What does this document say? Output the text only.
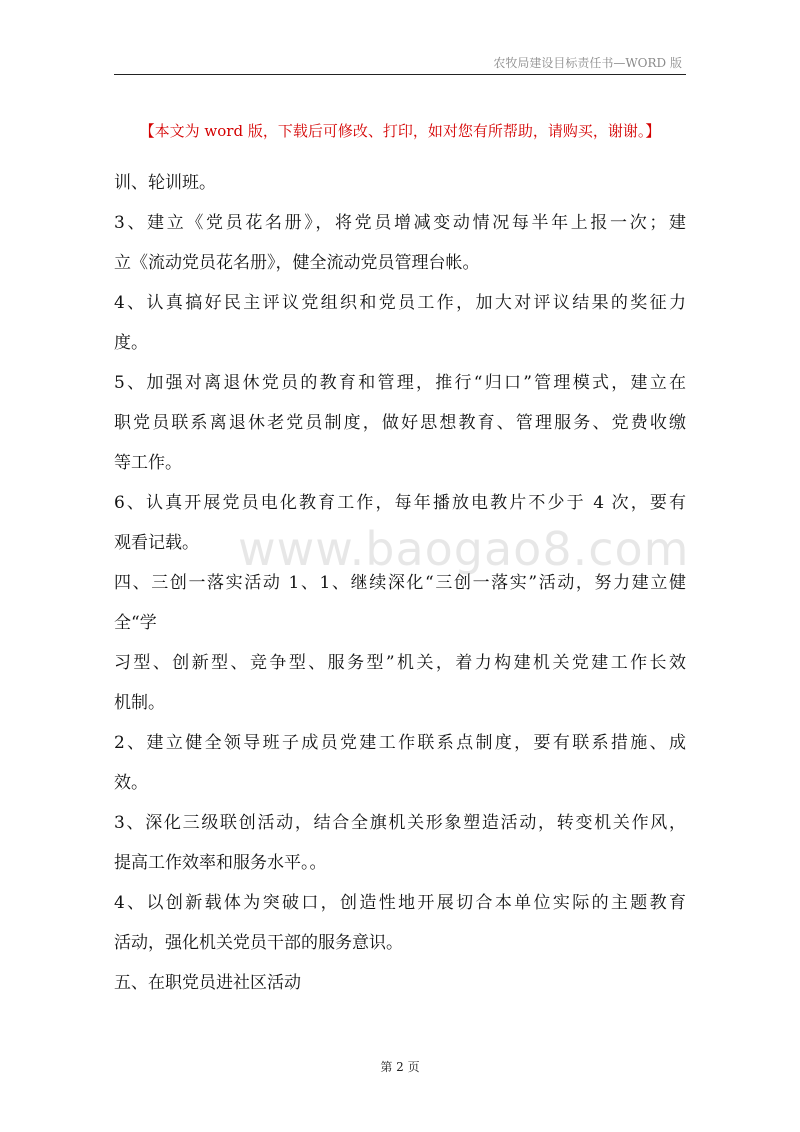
农牧局建设目标责任书—WORD 版
【本文为 word 版，下载后可修改、打印，如对您有所帮助，请购买，谢谢。】
www.baogao8.com
训、轮训班。
3、建立《党员花名册》，将党员增减变动情况每半年上报一次；建
立《流动党员花名册》，健全流动党员管理台帐。
4、认真搞好民主评议党组织和党员工作，加大对评议结果的奖征力
度。
5、加强对离退休党员的教育和管理，推行“归口”管理模式，建立在
职党员联系离退休老党员制度，做好思想教育、管理服务、党费收缴
等工作。
6、认真开展党员电化教育工作，每年播放电教片不少于 4 次，要有
观看记载。
四、三创一落实活动 1、1、继续深化“三创一落实”活动，努力建立健
全“学
习型、创新型、竞争型、服务型”机关，着力构建机关党建工作长效
机制。
2、建立健全领导班子成员党建工作联系点制度，要有联系措施、成
效。
3、深化三级联创活动，结合全旗机关形象塑造活动，转变机关作风，
提高工作效率和服务水平。。
4、以创新载体为突破口，创造性地开展切合本单位实际的主题教育
活动，强化机关党员干部的服务意识。
五、在职党员进社区活动
第 2 页
